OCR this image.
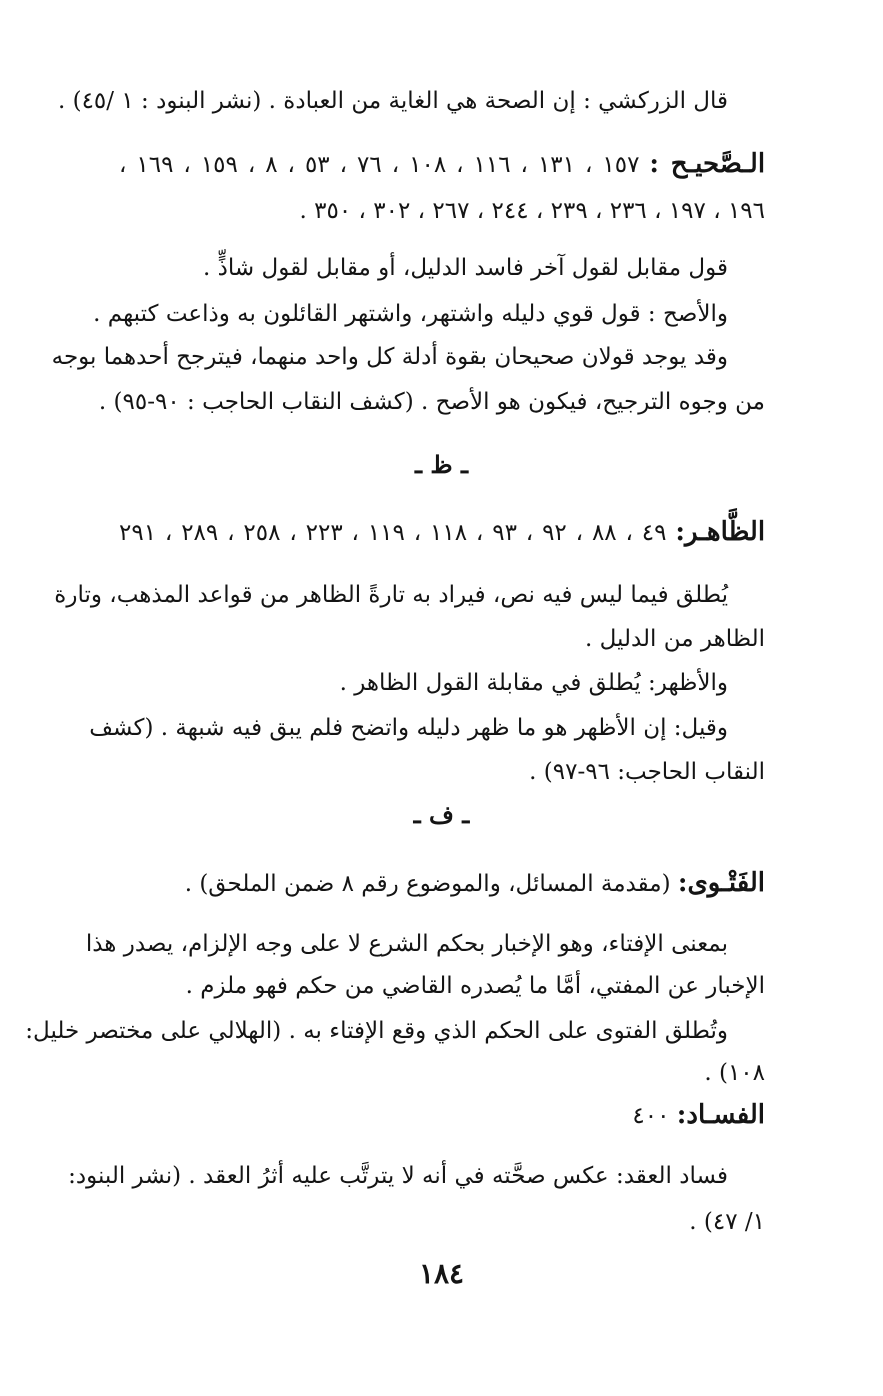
قال الزركشي : إن الصحة هي الغاية من العبادة . (نشر البنود : ١ /٤٥) .
الـصَّحيـح : ١٥٧ ، ١٣١ ، ١١٦ ، ١٠٨ ، ٧٦ ، ٥٣ ، ٨ ، ١٥٩ ، ١٦٩ ،
١٩٦ ، ١٩٧ ، ٢٣٦ ، ٢٣٩ ، ٢٤٤ ، ٢٦٧ ، ٣٠٢ ، ٣٥٠ .
قول مقابل لقول آخر فاسد الدليل، أو مقابل لقول شاذٍّ .
والأصح : قول قوي دليله واشتهر، واشتهر القائلون به وذاعت كتبهم .
وقد يوجد قولان صحيحان بقوة أدلة كل واحد منهما، فيترجح أحدهما بوجه
من وجوه الترجيح، فيكون هو الأصح . (كشف النقاب الحاجب : ٩٠-٩٥) .
ـ ظ ـ
الظَّاهـر: ٤٩ ، ٨٨ ، ٩٢ ، ٩٣ ، ١١٨ ، ١١٩ ، ٢٢٣ ، ٢٥٨ ، ٢٨٩ ، ٢٩١
يُطلق فيما ليس فيه نص، فيراد به تارةً الظاهر من قواعد المذهب، وتارة
الظاهر من الدليل .
والأظهر: يُطلق في مقابلة القول الظاهر .
وقيل: إن الأظهر هو ما ظهر دليله واتضح فلم يبق فيه شبهة . (كشف
النقاب الحاجب: ٩٦-٩٧) .
ـ ف ـ
الفَتْـوى: (مقدمة المسائل، والموضوع رقم ٨ ضمن الملحق) .
بمعنى الإفتاء، وهو الإخبار بحكم الشرع لا على وجه الإلزام، يصدر هذا
الإخبار عن المفتي، أمَّا ما يُصدره القاضي من حكم فهو ملزم .
وتُطلق الفتوى على الحكم الذي وقع الإفتاء به . (الهلالي على مختصر خليل:
١٠٨) .
الفسـاد: ٤٠٠
فساد العقد: عكس صحَّته في أنه لا يترتَّب عليه أثرُ العقد . (نشر البنود:
١/ ٤٧) .
١٨٤
